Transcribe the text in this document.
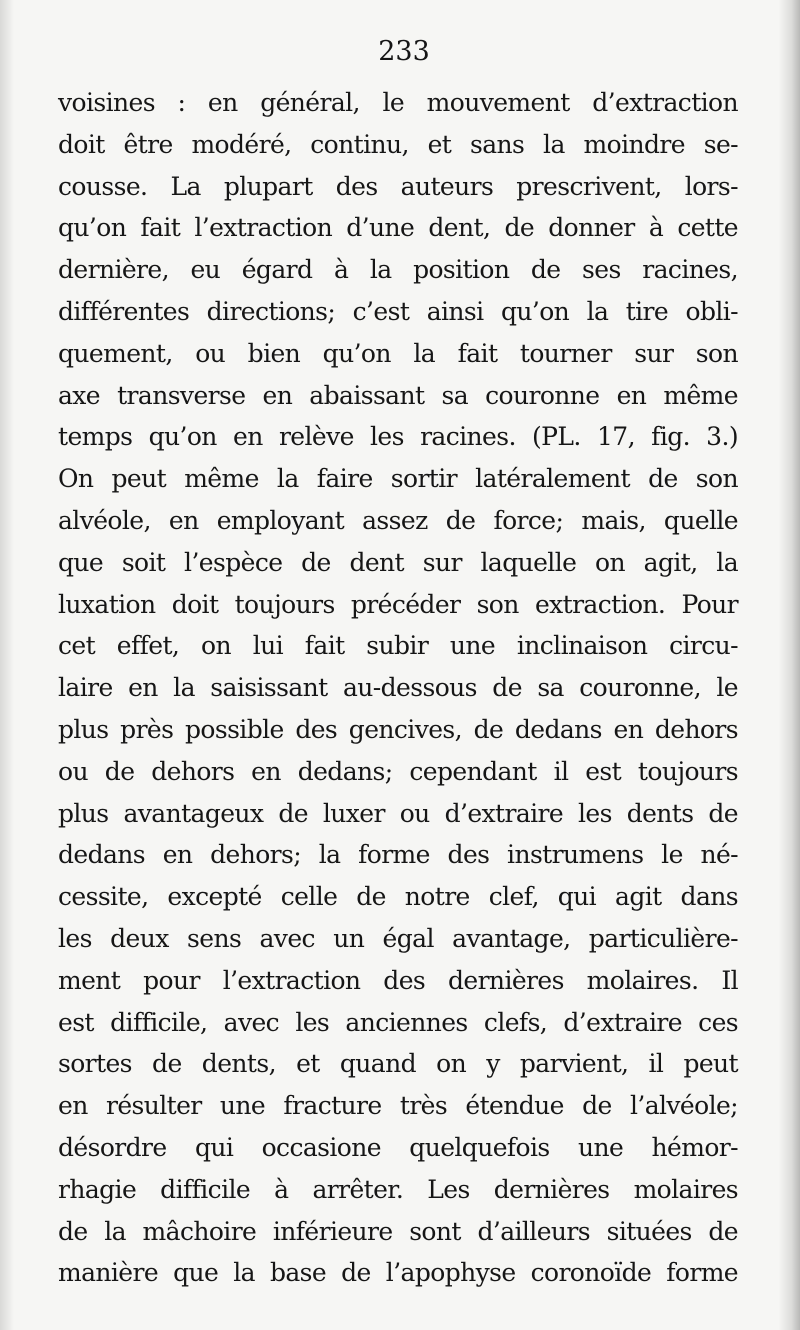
233
voisines : en général, le mouvement d’extraction
doit être modéré, continu, et sans la moindre se-
cousse. La plupart des auteurs prescrivent, lors-
qu’on fait l’extraction d’une dent, de donner à cette
dernière, eu égard à la position de ses racines,
différentes directions; c’est ainsi qu’on la tire obli-
quement, ou bien qu’on la fait tourner sur son
axe transverse en abaissant sa couronne en même
temps qu’on en relève les racines. (PL. 17, fig. 3.)
On peut même la faire sortir latéralement de son
alvéole, en employant assez de force; mais, quelle
que soit l’espèce de dent sur laquelle on agit, la
luxation doit toujours précéder son extraction. Pour
cet effet, on lui fait subir une inclinaison circu-
laire en la saisissant au-dessous de sa couronne, le
plus près possible des gencives, de dedans en dehors
ou de dehors en dedans; cependant il est toujours
plus avantageux de luxer ou d’extraire les dents de
dedans en dehors; la forme des instrumens le né-
cessite, excepté celle de notre clef, qui agit dans
les deux sens avec un égal avantage, particulière-
ment pour l’extraction des dernières molaires. Il
est difficile, avec les anciennes clefs, d’extraire ces
sortes de dents, et quand on y parvient, il peut
en résulter une fracture très étendue de l’alvéole;
désordre qui occasione quelquefois une hémor-
rhagie difficile à arrêter. Les dernières molaires
de la mâchoire inférieure sont d’ailleurs situées de
manière que la base de l’apophyse coronoïde forme
